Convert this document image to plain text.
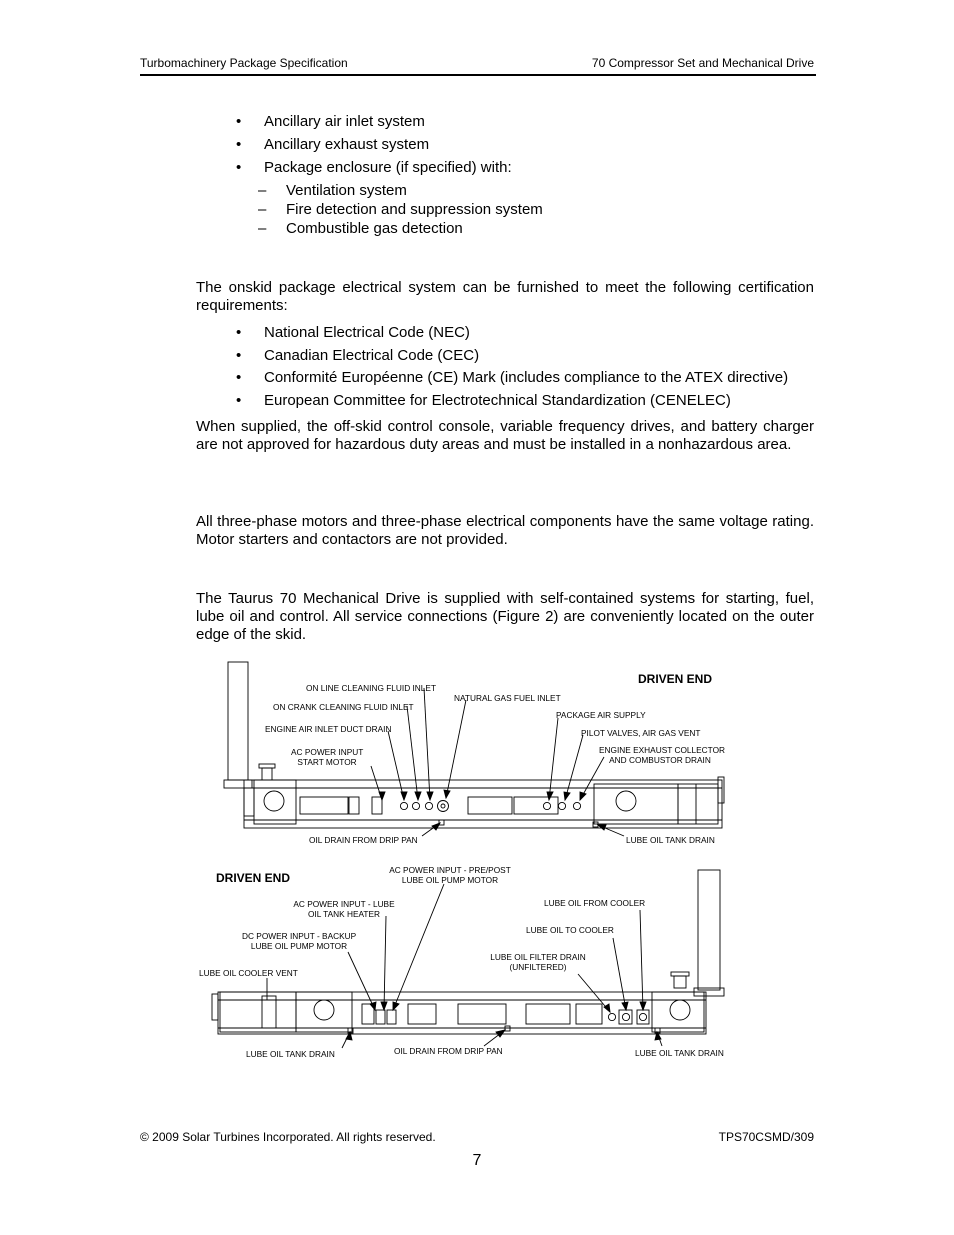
Turbomachinery Package Specification	70 Compressor Set and Mechanical Drive
• Ancillary air inlet system
• Ancillary exhaust system
• Package enclosure (if specified) with:
– Ventilation system
– Fire detection and suppression system
– Combustible gas detection
The onskid package electrical system can be furnished to meet the following certification requirements:
• National Electrical Code (NEC)
• Canadian Electrical Code (CEC)
• Conformité Européenne (CE) Mark (includes compliance to the ATEX directive)
• European Committee for Electrotechnical Standardization (CENELEC)
When supplied, the off-skid control console, variable frequency drives, and battery charger are not approved for hazardous duty areas and must be installed in a nonhazardous area.
All three-phase motors and three-phase electrical components have the same voltage rating. Motor starters and contactors are not provided.
The Taurus 70 Mechanical Drive is supplied with self-contained systems for starting, fuel, lube oil and control. All service connections (Figure 2) are conveniently located on the outer edge of the skid.
DRIVEN END
ON LINE CLEANING FLUID INLET
ON CRANK CLEANING FLUID INLET
NATURAL GAS FUEL INLET
ENGINE AIR INLET DUCT DRAIN
PACKAGE AIR SUPPLY
PILOT VALVES, AIR GAS VENT
AC POWER INPUT
START MOTOR
ENGINE EXHAUST COLLECTOR
AND COMBUSTOR DRAIN
OIL DRAIN FROM DRIP PAN	LUBE OIL TANK DRAIN
DRIVEN END
AC POWER INPUT - PRE/POST
LUBE OIL PUMP MOTOR
AC POWER INPUT - LUBE
OIL TANK HEATER
DC POWER INPUT - BACKUP
LUBE OIL PUMP MOTOR
LUBE OIL COOLER VENT
LUBE OIL FROM COOLER
LUBE OIL TO COOLER
LUBE OIL FILTER DRAIN
(UNFILTERED)
LUBE OIL TANK DRAIN	OIL DRAIN FROM DRIP PAN	LUBE OIL TANK DRAIN
© 2009 Solar Turbines Incorporated. All rights reserved.	TPS70CSMD/309
7
